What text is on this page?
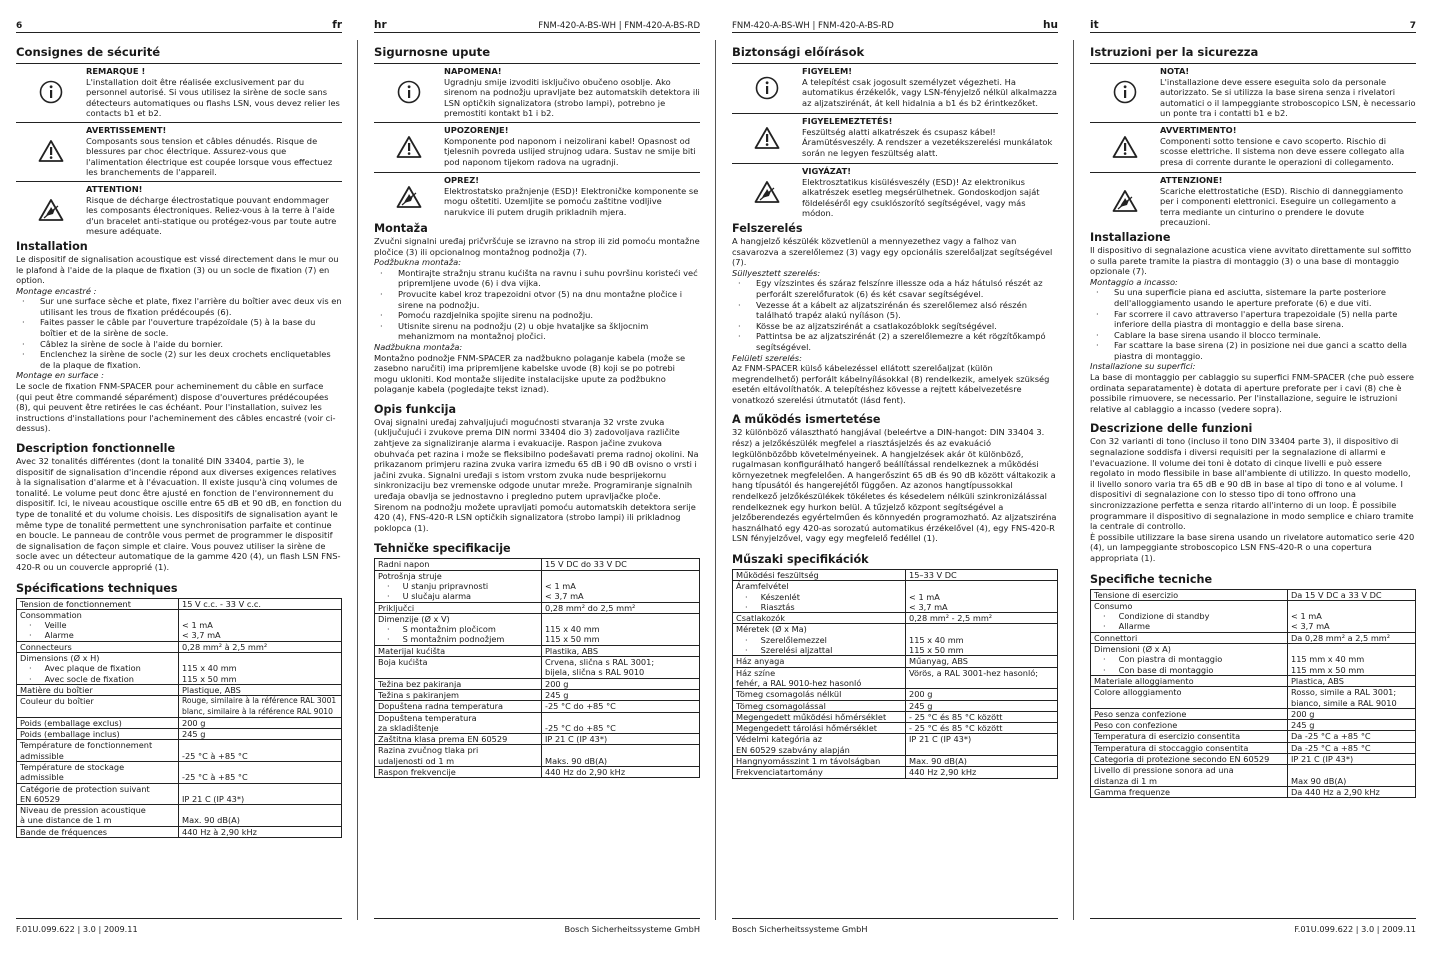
6	fr
Consignes de sécurité
REMARQUE !
L'installation doit être réalisée exclusivement par du personnel autorisé. Si vous utilisez la sirène de socle sans détecteurs automatiques ou flashs LSN, vous devez relier les contacts b1 et b2.
AVERTISSEMENT!
Composants sous tension et câbles dénudés. Risque de blessures par choc électrique. Assurez-vous que l'alimentation électrique est coupée lorsque vous effectuez les branchements de l'appareil.
ATTENTION!
Risque de décharge électrostatique pouvant endommager les composants électroniques. Reliez-vous à la terre à l'aide d'un bracelet anti-statique ou protégez-vous par toute autre mesure adéquate.
Installation

Le dispositif de signalisation acoustique est vissé directement dans le mur ou le plafond à l'aide de la plaque de fixation (3) ou un socle de fixation (7) en option.

Montage encastré :

· Sur une surface sèche et plate, fixez l'arrière du boîtier avec deux vis en utilisant les trous de fixation prédécoupés (6).
· Faites passer le câble par l'ouverture trapézoïdale (5) à la base du boîtier et de la sirène de socle.
· Câblez la sirène de socle à l'aide du bornier.
· Enclenchez la sirène de socle (2) sur les deux crochets encliquetables de la plaque de fixation.

Montage en surface :

Le socle de fixation FNM-SPACER pour acheminement du câble en surface (qui peut être commandé séparément) dispose d'ouvertures prédécoupées (8), qui peuvent être retirées le cas échéant. Pour l'installation, suivez les instructions d'installations pour l'acheminement des câbles encastré (voir ci-dessus).

Description fonctionnelle

Avec 32 tonalités différentes (dont la tonalité DIN 33404, partie 3), le dispositif de signalisation d'incendie répond aux diverses exigences relatives à la signalisation d'alarme et à l'évacuation. Il existe jusqu'à cinq volumes de tonalité. Le volume peut donc être ajusté en fonction de l'environnement du dispositif. Ici, le niveau acoustique oscille entre 65 dB et 90 dB, en fonction du type de tonalité et du volume choisis. Les dispositifs de signalisation ayant le même type de tonalité permettent une synchronisation parfaite et continue en boucle. Le panneau de contrôle vous permet de programmer le dispositif de signalisation de façon simple et claire. Vous pouvez utiliser la sirène de socle avec un détecteur automatique de la gamme 420 (4), un flash LSN FNS-420-R ou un couvercle approprié (1).

Spécifications techniques
Tension de fonctionnement	15 V c.c. - 33 V c.c.
Consommation	
·     Veille	< 1 mA
·     Alarme	< 3,7 mA
Connecteurs	0,28 mm² à 2,5 mm²
Dimensions (Ø x H)	
·     Avec plaque de fixation	115 x 40 mm
·     Avec socle de fixation	115 x 50 mm
Matière du boîtier	Plastique, ABS
Couleur du boîtier	Rouge, similaire à la référence RAL 3001
blanc, similaire à la référence RAL 9010

Poids (emballage exclus)	200 g
Poids (emballage inclus)	245 g

Température de fonctionnement
admissible	-25 °C à +85 °C

Température de stockage
admissible	-25 °C à +85 °C

Catégorie de protection suivant
EN 60529	IP 21 C (IP 43*)

Niveau de pression acoustique
à une distance de 1 m	Max. 90 dB(A)
Bande de fréquences	440 Hz à 2,90 kHz
F.01U.099.622 | 3.0 | 2009.11
hr	FNM-420-A-BS-WH | FNM-420-A-BS-RD
Sigurnosne upute
NAPOMENA!
Ugradnju smije izvoditi isključivo obučeno osoblje. Ako sirenom na podnožju upravljate bez automatskih detektora ili LSN optičkih signalizatora (strobo lampi), potrebno je premostiti kontakt b1 i b2.
UPOZORENJE!
Komponente pod naponom i neizolirani kabel! Opasnost od tjelesnih povreda uslijed strujnog udara. Sustav ne smije biti pod naponom tijekom radova na ugradnji.
OPREZ!
Elektrostatsko pražnjenje (ESD)! Elektroničke komponente se mogu oštetiti. Uzemljite se pomoću zaštitne vodljive narukvice ili putem drugih prikladnih mjera.
Montaža

Zvučni signalni uređaj pričvršćuje se izravno na strop ili zid pomoću montažne pločice (3) ili opcionalnog montažnog podnožja (7).

Podžbukna montaža:

· Montirajte stražnju stranu kućišta na ravnu i suhu površinu koristeći već pripremljene uvode (6) i dva vijka.
· Provucite kabel kroz trapezoidni otvor (5) na dnu montažne pločice i sirene na podnožju.
· Pomoću razdjelnika spojite sirenu na podnožju.
· Utisnite sirenu na podnožju (2) u obje hvataljke sa škljocnim mehanizmom na montažnoj pločici.

Nadžbukna montaža:

Montažno podnožje FNM-SPACER za nadžbukno polaganje kabela (može se zasebno naručiti) ima pripremljene kabelske uvode (8) koji se po potrebi mogu ukloniti. Kod montaže slijedite instalacijske upute za podžbukno polaganje kabela (pogledajte tekst iznad).

Opis funkcija

Ovaj signalni uređaj zahvaljujući mogućnosti stvaranja 32 vrste zvuka (uključujući i zvukove prema DIN normi 33404 dio 3) zadovoljava različite zahtjeve za signaliziranje alarma i evakuacije. Raspon jačine zvukova obuhvaća pet razina i može se fleksibilno podešavati prema radnoj okolini. Na prikazanom primjeru razina zvuka varira između 65 dB i 90 dB ovisno o vrsti i jačini zvuka. Signalni uređaji s istom vrstom zvuka nude besprijekornu sinkronizaciju bez vremenske odgode unutar mreže. Programiranje signalnih uređaja obavlja se jednostavno i pregledno putem upravljačke ploče.

Sirenom na podnožju možete upravljati pomoću automatskih detektora serije 420 (4), FNS-420-R LSN optičkih signalizatora (strobo lampi) ili prikladnog poklopca (1).

Tehničke specifikacije
Radni napon	15 V DC do 33 V DC
Potrošnja struje	
·     U stanju pripravnosti	< 1 mA
·     U slučaju alarma	< 3,7 mA
Priključci	0,28 mm² do 2,5 mm²
Dimenzije (Ø x V)	
·     S montažnim pločicom	115 x 40 mm
·     S montažnim podnožjem	115 x 50 mm
Materijal kućišta	Plastika, ABS
Boja kućišta	Crvena, slična s RAL 3001;
bijela, slična s RAL 9010

Težina bez pakiranja	200 g
Težina s pakiranjem	245 g
Dopuštena radna temperatura	-25 °C do +85 °C

Dopuštena temperatura
za skladištenje	-25 °C do +85 °C
Zaštitna klasa prema EN 60529	IP 21 C (IP 43*)

Razina zvučnog tlaka pri
udaljenosti od 1 m	Maks. 90 dB(A)
Raspon frekvencije	440 Hz do 2,90 kHz
Bosch Sicherheitssysteme GmbH
FNM-420-A-BS-WH | FNM-420-A-BS-RD	hu
Biztonsági előírások
FIGYELEM!
A telepítést csak jogosult személyzet végezheti. Ha automatikus érzékelők, vagy LSN-fényjelző nélkül alkalmazza az aljzatszirénát, át kell hidalnia a b1 és b2 érintkezőket.
FIGYELEMEZTETÉS!
Feszültség alatti alkatrészek és csupasz kábel! Áramütésveszély. A rendszer a vezetékszerelési munkálatok során ne legyen feszültség alatt.
VIGYÁZAT!
Elektrosztatikus kisülésveszély (ESD)! Az elektronikus alkatrészek esetleg megsérülhetnek. Gondoskodjon saját földeléséről egy csuklószorító segítségével, vagy más módon.
Felszerelés

A hangjelző készülék közvetlenül a mennyezethez vagy a falhoz van csavarozva a szerelőlemez (3) vagy egy opcionális szerelőaljzat segítségével (7).

Süllyesztett szerelés:

· Egy vízszintes és száraz felszínre illessze oda a ház hátulsó részét az perforált szerelőfuratok (6) és két csavar segítségével.
· Vezesse át a kábelt az aljzatszirénán és szerelőlemez alsó részén található trapéz alakú nyíláson (5).
· Kösse be az aljzatszirénát a csatlakozóblokk segítségével.
· Pattintsa be az aljzatszirénát (2) a szerelőlemezre a két rögzítőkampó segítségével.

Felületi szerelés:

Az FNM-SPACER külső kábelezéssel ellátott szerelőaljzat (külön megrendelhető) perforált kábelnyílásokkal (8) rendelkezik, amelyek szükség esetén eltávolíthatók. A telepítéshez kövesse a rejtett kábelvezetésre vonatkozó szerelési útmutatót (lásd fent).

A működés ismertetése

32 különböző választható hangjával (beleértve a DIN-hangot: DIN 33404 3. rész) a jelzőkészülék megfelel a riasztásjelzés és az evakuáció legkülönbözőbb követelményeinek. A hangjelzések akár öt különböző, rugalmasan konfigurálható hangerő beállítással rendelkeznek a működési környezetnek megfelelően. A hangerőszint 65 dB és 90 dB között váltakozik a hang típusától és hangerejétől függően. Az azonos hangtípussokkal rendelkező jelzőkészülékek tökéletes és késedelem nélküli szinkronizálással rendelkeznek egy hurkon belül. A tűzjelző központ segítségével a jelzőberendezés egyértelműen és könnyedén programozható. Az aljzatsziréna használható egy 420-as sorozatú automatikus érzékelővel (4), egy FNS-420-R LSN fényjelzővel, vagy egy megfelelő fedéllel (1).

Műszaki specifikációk
Működési feszültség	15–33 V DC
Áramfelvétel	
·     Készenlét	< 1 mA
·     Riasztás	< 3,7 mA
Csatlakozók	0,28 mm² - 2,5 mm²
Méretek (Ø x Ma)	
·     Szerelőlemezzel	115 x 40 mm
·     Szerelési aljzattal	115 x 50 mm
Ház anyaga	Műanyag, ABS

Ház színe
fehér, a RAL 9010-hez hasonló	Vörös, a RAL 3001-hez hasonló;
Tömeg csomagolás nélkül	200 g
Tömeg csomagolással	245 g
Megengedett működési hőmérséklet	- 25 °C és 85 °C között
Megengedett tárolási hőmérséklet	- 25 °C és 85 °C között

Védelmi kategória az
EN 60529 szabvány alapján	IP 21 C (IP 43*)
Hangnyomásszint 1 m távolságban	Max. 90 dB(A)
Frekvenciatartomány	440 Hz 2,90 kHz
Bosch Sicherheitssysteme GmbH
it	7
Istruzioni per la sicurezza
NOTA!
L'installazione deve essere eseguita solo da personale autorizzato. Se si utilizza la base sirena senza i rivelatori automatici o il lampeggiante stroboscopico LSN, è necessario un ponte tra i contatti b1 e b2.
AVVERTIMENTO!
Componenti sotto tensione e cavo scoperto. Rischio di scosse elettriche. Il sistema non deve essere collegato alla presa di corrente durante le operazioni di collegamento.
ATTENZIONE!
Scariche elettrostatiche (ESD). Rischio di danneggiamento per i componenti elettronici. Eseguire un collegamento a terra mediante un cinturino o prendere le dovute precauzioni.
Installazione

Il dispositivo di segnalazione acustica viene avvitato direttamente sul soffitto o sulla parete tramite la piastra di montaggio (3) o una base di montaggio opzionale (7).

Montaggio a incasso:

· Su una superficie piana ed asciutta, sistemare la parte posteriore dell'alloggiamento usando le aperture preforate (6) e due viti.
· Far scorrere il cavo attraverso l'apertura trapezoidale (5) nella parte inferiore della piastra di montaggio e della base sirena.
· Cablare la base sirena usando il blocco terminale.
· Far scattare la base sirena (2) in posizione nei due ganci a scatto della piastra di montaggio.

Installazione su superfici:

La base di montaggio per cablaggio su superfici FNM-SPACER (che può essere ordinata separatamente) è dotata di aperture preforate per i cavi (8) che è possibile rimuovere, se necessario. Per l'installazione, seguire le istruzioni relative al cablaggio a incasso (vedere sopra).

Descrizione delle funzioni

Con 32 varianti di tono (incluso il tono DIN 33404 parte 3), il dispositivo di segnalazione soddisfa i diversi requisiti per la segnalazione di allarmi e l'evacuazione. Il volume dei toni è dotato di cinque livelli e può essere regolato in modo flessibile in base all'ambiente di utilizzo. In questo modello, il livello sonoro varia tra 65 dB e 90 dB in base al tipo di tono e al volume. I dispositivi di segnalazione con lo stesso tipo di tono offrono una sincronizzazione perfetta e senza ritardo all'interno di un loop. È possibile programmare il dispositivo di segnalazione in modo semplice e chiaro tramite la centrale di controllo.

È possibile utilizzare la base sirena usando un rivelatore automatico serie 420 (4), un lampeggiante stroboscopico LSN FNS-420-R o una copertura appropriata (1).

Specifiche tecniche
Tensione di esercizio	Da 15 V DC a 33 V DC
Consumo	
·     Condizione di standby	< 1 mA
·     Allarme	< 3,7 mA
Connettori	Da 0,28 mm² a 2,5 mm²
Dimensioni (Ø x A)	
·     Con piastra di montaggio	115 mm x 40 mm
·     Con base di montaggio	115 mm x 50 mm
Materiale alloggiamento	Plastica, ABS
Colore alloggiamento	Rosso, simile a RAL 3001;
bianco, simile a RAL 9010

Peso senza confezione	200 g
Peso con confezione	245 g
Temperatura di esercizio consentita	Da -25 °C a +85 °C
Temperatura di stoccaggio consentita	Da -25 °C a +85 °C
Categoria di protezione secondo EN 60529	IP 21 C (IP 43*)

Livello di pressione sonora ad una
distanza di 1 m	Max 90 dB(A)
Gamma frequenze	Da 440 Hz a 2,90 kHz
F.01U.099.622 | 3.0 | 2009.11
